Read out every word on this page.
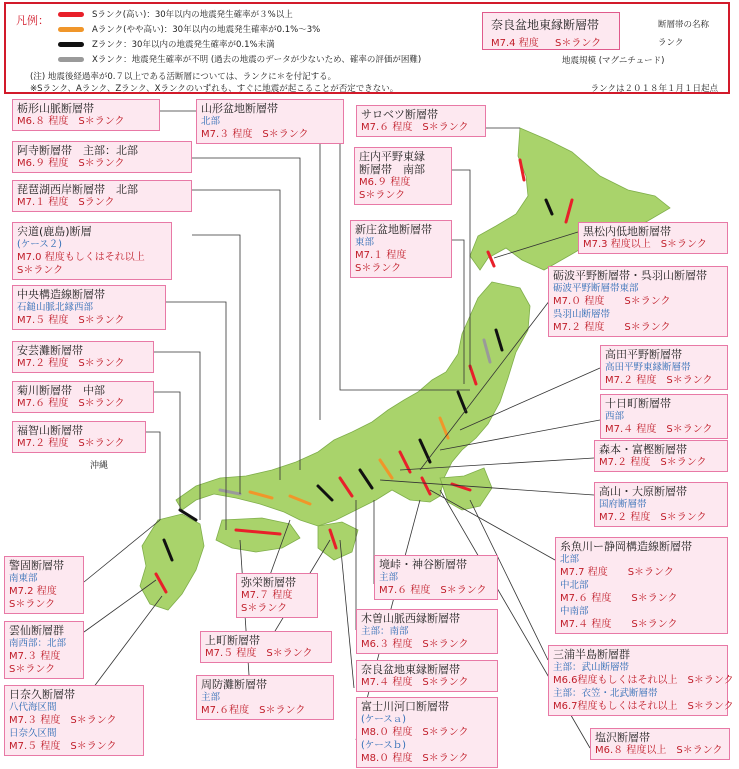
凡例：	Sランク(高い)：30年以内の地震発生確率が３%以上
Aランク(やや高い)：30年以内の地震発生確率が0.1%〜3%
Zランク：30年以内の地震発生確率が0.1%未満
Xランク：地震発生確率が不明 (過去の地震のデータが少ないため、確率の評価が困難)
(注) 地震後経過率が0.７以上である活断層については、ランクに＊を付記する。
※Sランク、Aランク、Zランク、Xランクのいずれも、すぐに地震が起こることが否定できない。	ランクは２０１８年１月１日起点
奈良盆地東縁断層帯
M7.4 程度 S＊ランク
断層帯の名称
ランク
地震規模 (マグニチュード)
沖縄
栃形山脈断層帯
M6.８ 程度　S＊ランク
阿寺断層帯　主部：北部
M6.９ 程度　S＊ランク
琵琶湖西岸断層帯　北部
M7.１ 程度　Sランク
宍道(鹿島)断層
(ケース２)
M7.0 程度もしくはそれ以上
S＊ランク
中央構造線断層帯
石鎚山脈北縁西部
M7.５ 程度　S＊ランク
安芸灘断層帯
M7.２ 程度　S＊ランク
菊川断層帯　中部
M7.６ 程度　S＊ランク
福智山断層帯
M7.２ 程度　S＊ランク
警固断層帯
南東部
M7.2 程度
S＊ランク
雲仙断層群
南西部：北部
M7.３ 程度
S＊ランク
日奈久断層帯
八代海区間
M7.３ 程度　S＊ランク
日奈久区間
M7.５ 程度　S＊ランク
山形盆地断層帯
北部
M7.３ 程度　S＊ランク
サロベツ断層帯
M7.６ 程度　S＊ランク
庄内平野東縁
断層帯　南部
M6.９ 程度
S＊ランク
新庄盆地断層帯
東部
M7.１ 程度
S＊ランク
黒松内低地断層帯
M7.3 程度以上　S＊ランク
砺波平野断層帯・呉羽山断層帯
砺波平野断層帯東部
M7.０ 程度　　S＊ランク
呉羽山断層帯
M7.２ 程度　　S＊ランク
高田平野断層帯
高田平野東縁断層帯
M7.２ 程度　S＊ランク
十日町断層帯
西部
M7.４ 程度　S＊ランク
森本・富樫断層帯
M7.２ 程度　S＊ランク
高山・大原断層帯
国府断層帯
M7.２ 程度　S＊ランク
糸魚川ー静岡構造線断層帯
北部
M7.7 程度　　S＊ランク
中北部
M7.６ 程度　　S＊ランク
中南部
M7.４ 程度　　S＊ランク
三浦半島断層群
主部：武山断層帯
M6.6程度もしくはそれ以上　S＊ランク
主部：衣笠・北武断層帯
M6.7程度もしくはそれ以上　S＊ランク
塩沢断層帯
M6.８ 程度以上　S＊ランク
境峠・神谷断層帯
主部
M7.６ 程度　S＊ランク
木曽山脈西縁断層帯
主部：南部
M6.３ 程度　S＊ランク
奈良盆地東縁断層帯
M7.４ 程度　S＊ランク
富士川河口断層帯
(ケースａ)
M8.０ 程度　S＊ランク
(ケースｂ)
M8.０ 程度　S＊ランク
弥栄断層帯
M7.７ 程度
S＊ランク
上町断層帯
M7.５ 程度　S＊ランク
周防灘断層帯
主部
M7.６程度　S＊ランク
